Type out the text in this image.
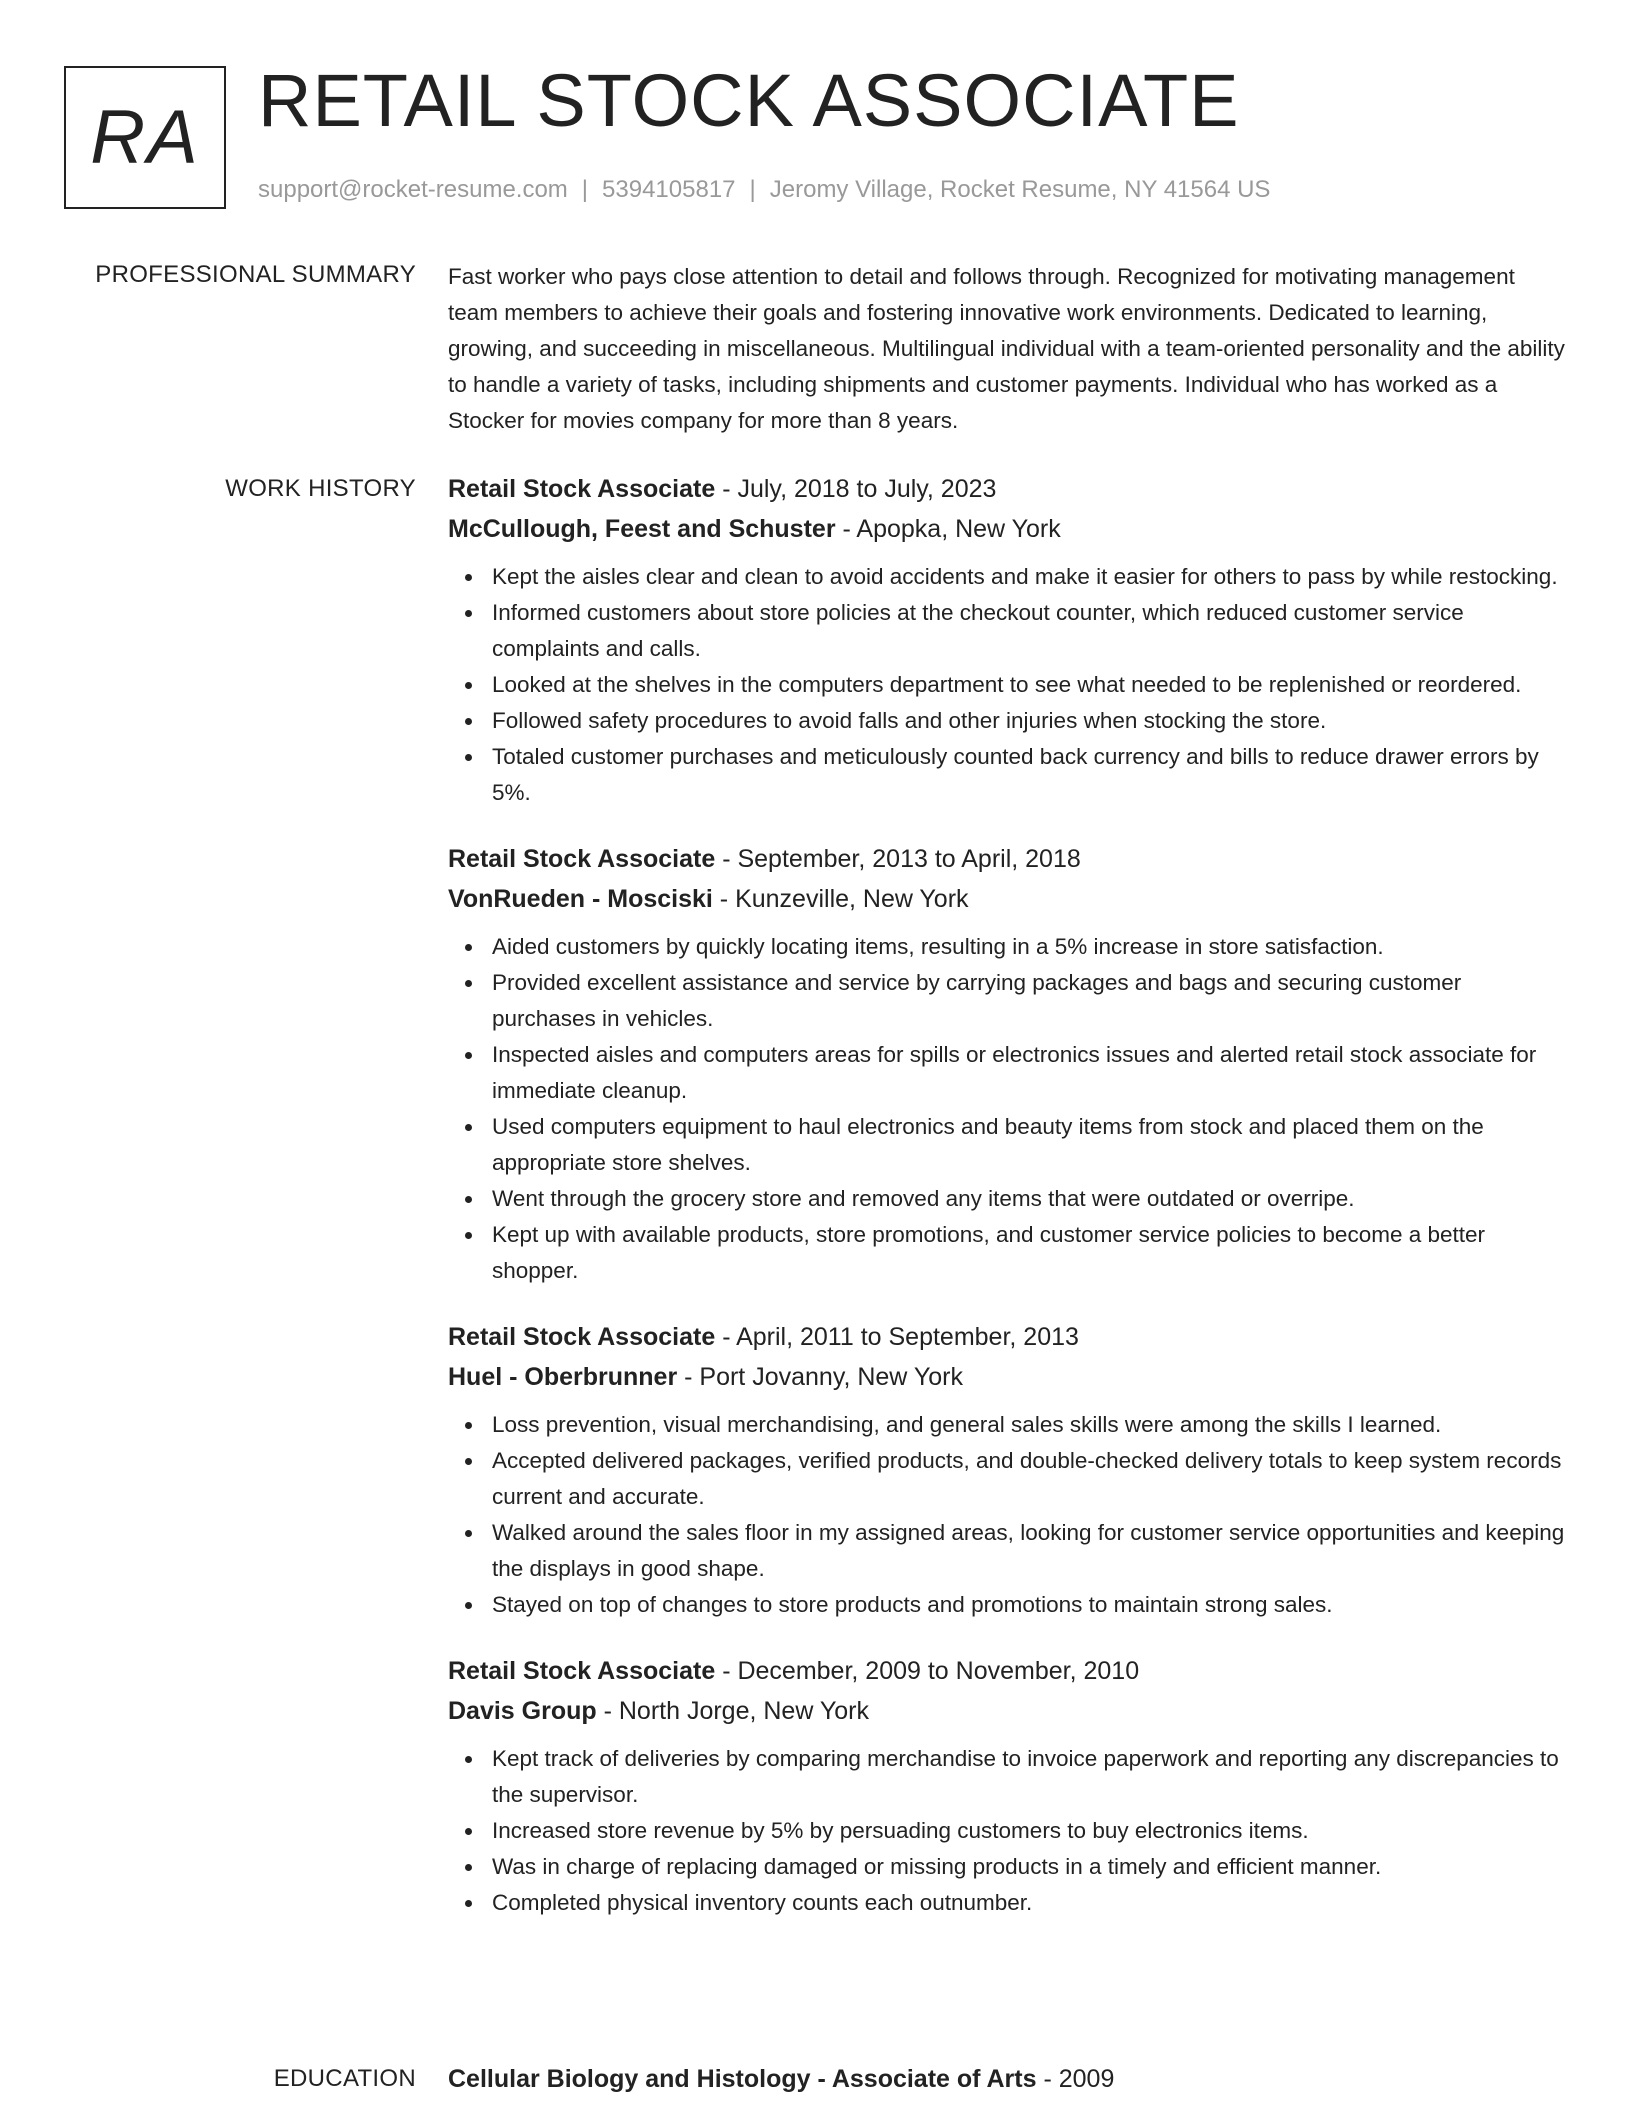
RA RETAIL STOCK ASSOCIATE
support@rocket-resume.com | 5394105817 | Jeromy Village, Rocket Resume, NY 41564 US
PROFESSIONAL SUMMARY Fast worker who pays close attention to detail and follows through. Recognized for motivating management team members to achieve their goals and fostering innovative work environments. Dedicated to learning, growing, and succeeding in miscellaneous. Multilingual individual with a team-oriented personality and the ability to handle a variety of tasks, including shipments and customer payments. Individual who has worked as a Stocker for movies company for more than 8 years.

WORK HISTORY Retail Stock Associate - July, 2018 to July, 2023
McCullough, Feest and Schuster - Apopka, New York
Kept the aisles clear and clean to avoid accidents and make it easier for others to pass by while restocking.
Informed customers about store policies at the checkout counter, which reduced customer service complaints and calls.
Looked at the shelves in the computers department to see what needed to be replenished or reordered.
Followed safety procedures to avoid falls and other injuries when stocking the store.
Totaled customer purchases and meticulously counted back currency and bills to reduce drawer errors by 5%.
Retail Stock Associate - September, 2013 to April, 2018
VonRueden - Mosciski - Kunzeville, New York
Aided customers by quickly locating items, resulting in a 5% increase in store satisfaction.
Provided excellent assistance and service by carrying packages and bags and securing customer purchases in vehicles.
Inspected aisles and computers areas for spills or electronics issues and alerted retail stock associate for immediate cleanup.
Used computers equipment to haul electronics and beauty items from stock and placed them on the appropriate store shelves.
Went through the grocery store and removed any items that were outdated or overripe.
Kept up with available products, store promotions, and customer service policies to become a better shopper.
Retail Stock Associate - April, 2011 to September, 2013
Huel - Oberbrunner - Port Jovanny, New York
Loss prevention, visual merchandising, and general sales skills were among the skills I learned.
Accepted delivered packages, verified products, and double-checked delivery totals to keep system records current and accurate.
Walked around the sales floor in my assigned areas, looking for customer service opportunities and keeping the displays in good shape.
Stayed on top of changes to store products and promotions to maintain strong sales.
Retail Stock Associate - December, 2009 to November, 2010
Davis Group - North Jorge, New York
Kept track of deliveries by comparing merchandise to invoice paperwork and reporting any discrepancies to the supervisor.
Increased store revenue by 5% by persuading customers to buy electronics items.
Was in charge of replacing damaged or missing products in a timely and efficient manner.
Completed physical inventory counts each outnumber.
EDUCATION Cellular Biology and Histology - Associate of Arts - 2009
